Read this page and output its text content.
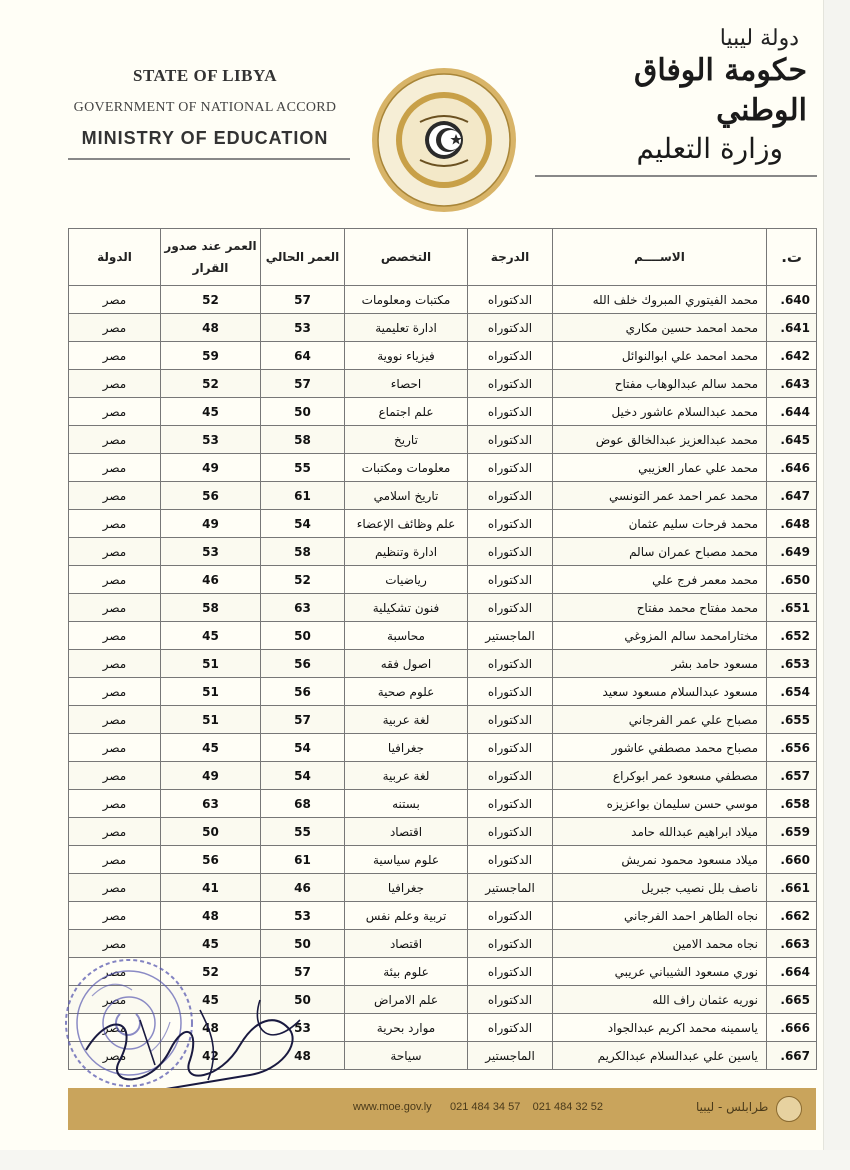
STATE OF LIBYA
GOVERNMENT OF NATIONAL ACCORD
MINISTRY OF EDUCATION
دولة ليبيا
حكومة الوفاق الوطني
وزارة التعليم
ت.	الاســــم	الدرجة	التخصص	العمر الحالي	العمر عند صدور القرار	الدولة
640.	محمد الفيتوري المبروك خلف الله	الدكتوراه	مكتبات ومعلومات	57	52	مصر
641.	محمد امحمد حسين مكاري	الدكتوراه	ادارة تعليمية	53	48	مصر
642.	محمد امحمد علي ابوالنوائل	الدكتوراه	فيزياء نووية	64	59	مصر
643.	محمد سالم عبدالوهاب مفتاح	الدكتوراه	احصاء	57	52	مصر
644.	محمد عبدالسلام عاشور دخيل	الدكتوراه	علم اجتماع	50	45	مصر
645.	محمد عبدالعزيز عبدالخالق عوض	الدكتوراه	تاريخ	58	53	مصر
646.	محمد علي عمار العزيبي	الدكتوراه	معلومات ومكتبات	55	49	مصر
647.	محمد عمر احمد عمر التونسي	الدكتوراه	تاريخ اسلامي	61	56	مصر
648.	محمد فرحات سليم عثمان	الدكتوراه	علم وظائف الإعضاء	54	49	مصر
649.	محمد مصباح عمران سالم	الدكتوراه	ادارة وتنظيم	58	53	مصر
650.	محمد معمر فرج علي	الدكتوراه	رياضيات	52	46	مصر
651.	محمد مفتاح محمد مفتاح	الدكتوراه	فنون تشكيلية	63	58	مصر
652.	مختارامحمد سالم المزوغي	الماجستير	محاسبة	50	45	مصر
653.	مسعود حامد بشر	الدكتوراه	اصول فقه	56	51	مصر
654.	مسعود عبدالسلام مسعود سعيد	الدكتوراه	علوم صحية	56	51	مصر
655.	مصباح علي عمر الفرجاني	الدكتوراه	لغة عربية	57	51	مصر
656.	مصباح محمد مصطفي عاشور	الدكتوراه	جغرافيا	54	45	مصر
657.	مصطفي مسعود عمر ابوكراع	الدكتوراه	لغة عربية	54	49	مصر
658.	موسي حسن سليمان بواعزيزه	الدكتوراه	بستنه	68	63	مصر
659.	ميلاد ابراهيم عبدالله حامد	الدكتوراه	اقتصاد	55	50	مصر
660.	ميلاد مسعود محمود نمريش	الدكتوراه	علوم سياسية	61	56	مصر
661.	ناصف بلل نصيب جبريل	الماجستير	جغرافيا	46	41	مصر
662.	نجاه الطاهر احمد الفرجاني	الدكتوراه	تربية وعلم نفس	53	48	مصر
663.	نجاه محمد الامين	الدكتوراه	اقتصاد	50	45	مصر
664.	نوري مسعود الشيباني عريبي	الدكتوراه	علوم بيئة	57	52	مصر
665.	نوريه عثمان راف الله	الدكتوراه	علم الامراض	50	45	مصر
666.	ياسمينه محمد اكريم عبدالجواد	الدكتوراه	موارد بحرية	53	48	مصر
667.	ياسين علي عبدالسلام عبدالكريم	الماجستير	سياحة	48	42	مصر
www.moe.gov.ly 021 484 34 57 021 484 32 52	طرابلس - ليبيا
